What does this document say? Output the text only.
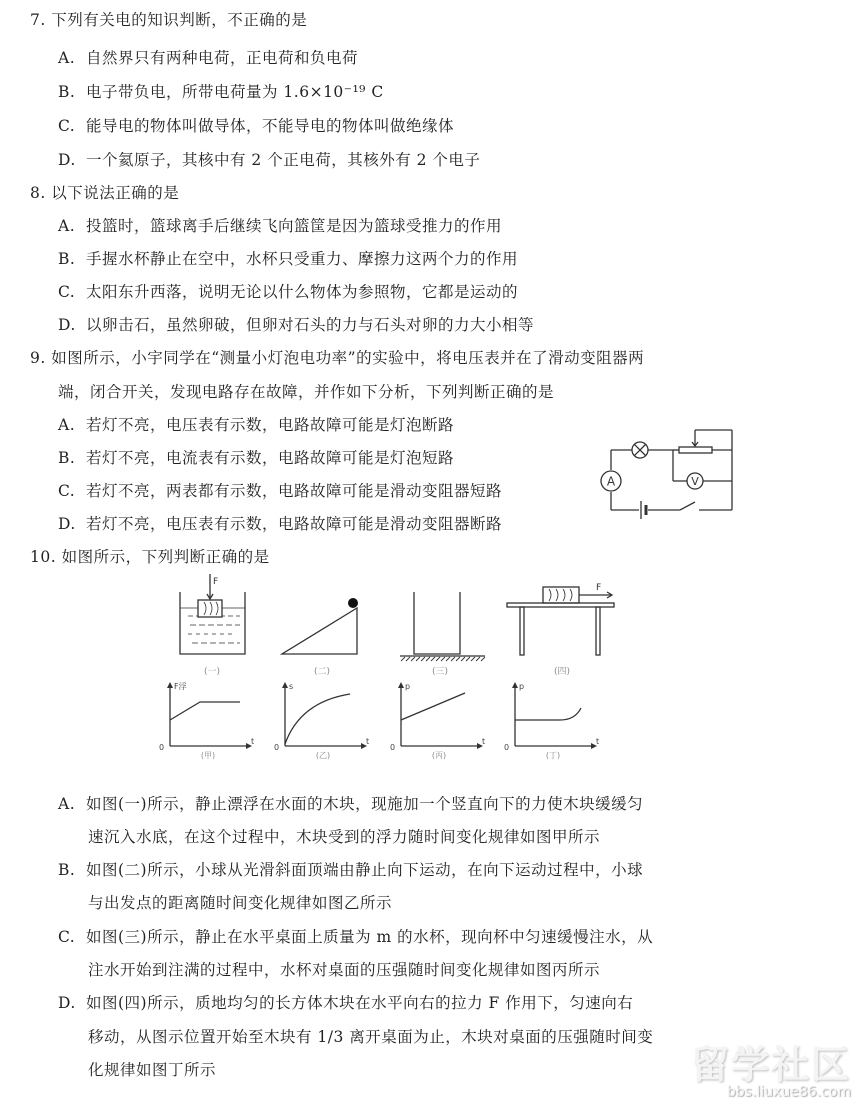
7. 下列有关电的知识判断，不正确的是
A. 自然界只有两种电荷，正电荷和负电荷
B. 电子带负电，所带电荷量为 1.6×10⁻¹⁹ C
C. 能导电的物体叫做导体，不能导电的物体叫做绝缘体
D. 一个氦原子，其核中有 2 个正电荷，其核外有 2 个电子
8. 以下说法正确的是
A. 投篮时，篮球离手后继续飞向篮筐是因为篮球受推力的作用
B. 手握水杯静止在空中，水杯只受重力、摩擦力这两个力的作用
C. 太阳东升西落，说明无论以什么物体为参照物，它都是运动的
D. 以卵击石，虽然卵破，但卵对石头的力与石头对卵的力大小相等
9. 如图所示，小宇同学在“测量小灯泡电功率”的实验中，将电压表并在了滑动变阻器两
端，闭合开关，发现电路存在故障，并作如下分析，下列判断正确的是
A. 若灯不亮，电压表有示数，电路故障可能是灯泡断路
B. 若灯不亮，电流表有示数，电路故障可能是灯泡短路
C. 若灯不亮，两表都有示数，电路故障可能是滑动变阻器短路
D. 若灯不亮，电压表有示数，电路故障可能是滑动变阻器断路
A	V
10. 如图所示，下列判断正确的是
F
(一)	(二)	(三)
F
(四)
F浮
t
0
(甲)
s
t
0
(乙)
p
t
0
(丙)
p
t
0
(丁)
A. 如图(一)所示，静止漂浮在水面的木块，现施加一个竖直向下的力使木块缓缓匀
速沉入水底，在这个过程中，木块受到的浮力随时间变化规律如图甲所示
B. 如图(二)所示，小球从光滑斜面顶端由静止向下运动，在向下运动过程中，小球
与出发点的距离随时间变化规律如图乙所示
C. 如图(三)所示，静止在水平桌面上质量为 m 的水杯，现向杯中匀速缓慢注水，从
注水开始到注满的过程中，水杯对桌面的压强随时间变化规律如图丙所示
D. 如图(四)所示，质地均匀的长方体木块在水平向右的拉力 F 作用下，匀速向右
移动，从图示位置开始至木块有 1/3 离开桌面为止，木块对桌面的压强随时间变
化规律如图丁所示	留学社区
bbs.liuxue86.com
